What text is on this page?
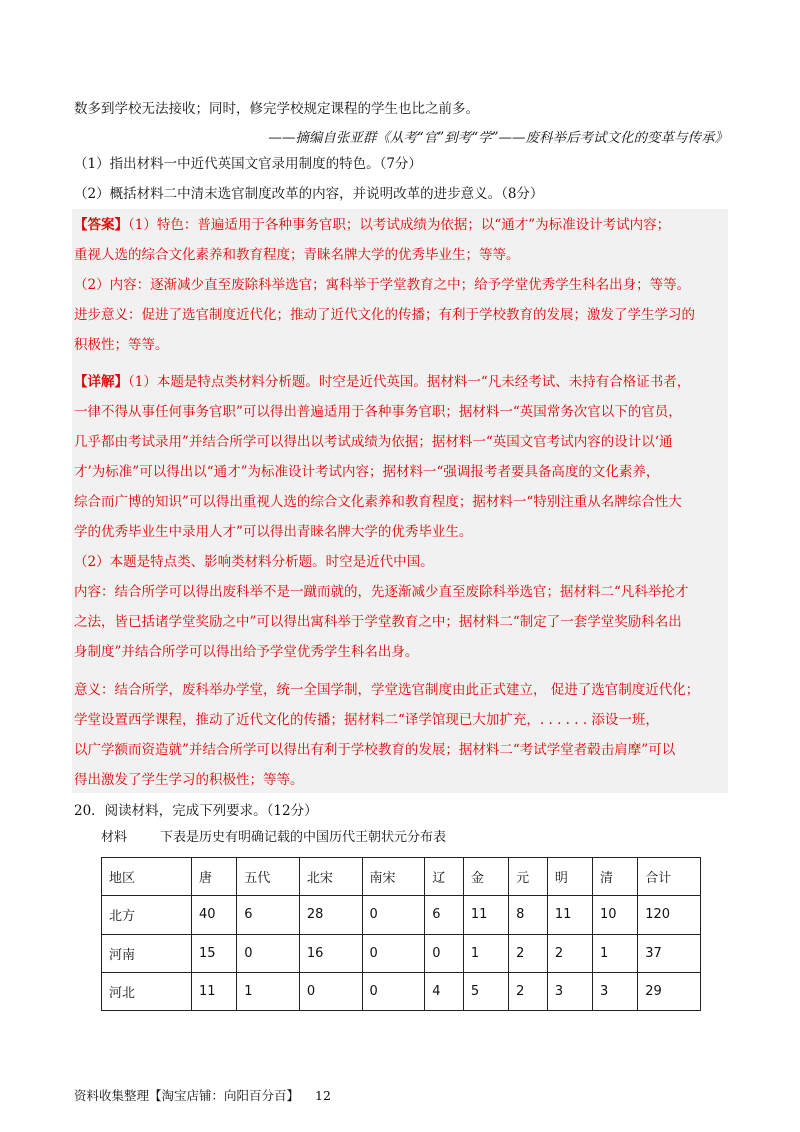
数多到学校无法接收；同时，修完学校规定课程的学生也比之前多。
——摘编自张亚群《从考“官”到考“学”——废科举后考试文化的变革与传承》
（1）指出材料一中近代英国文官录用制度的特色。（7分）
（2）概括材料二中清末选官制度改革的内容，并说明改革的进步意义。（8分）
【答案】（1）特色：普遍适用于各种事务官职；以考试成绩为依据；以“通才”为标准设计考试内容；
重视人选的综合文化素养和教育程度；青睐名牌大学的优秀毕业生；等等。
（2）内容：逐渐减少直至废除科举选官；寓科举于学堂教育之中；给予学堂优秀学生科名出身；等等。
进步意义：促进了选官制度近代化；推动了近代文化的传播；有利于学校教育的发展；激发了学生学习的
积极性；等等。
【详解】（1）本题是特点类材料分析题。时空是近代英国。据材料一“凡未经考试、未持有合格证书者，
一律不得从事任何事务官职”可以得出普遍适用于各种事务官职；据材料一“英国常务次官以下的官员，
几乎都由考试录用”并结合所学可以得出以考试成绩为依据；据材料一“英国文官考试内容的设计以‘通
才’为标准”可以得出以“通才”为标准设计考试内容；据材料一“强调报考者要具备高度的文化素养，
综合而广博的知识”可以得出重视人选的综合文化素养和教育程度；据材料一“特别注重从名牌综合性大
学的优秀毕业生中录用人才”可以得出青睐名牌大学的优秀毕业生。
（2）本题是特点类、影响类材料分析题。时空是近代中国。
内容：结合所学可以得出废科举不是一蹴而就的，先逐渐减少直至废除科举选官；据材料二“凡科举抡才
之法，皆已括诸学堂奖励之中”可以得出寓科举于学堂教育之中；据材料二“制定了一套学堂奖励科名出
身制度”并结合所学可以得出给予学堂优秀学生科名出身。
意义：结合所学，废科举办学堂，统一全国学制，学堂选官制度由此正式建立， 促进了选官制度近代化；
学堂设置西学课程，推动了近代文化的传播；据材料二“译学馆现已大加扩充，. . . . . . 添设一班，
以广学额而资造就”并结合所学可以得出有利于学校教育的发展；据材料二“考试学堂者毂击肩摩”可以
得出激发了学生学习的积极性；等等。
20．阅读材料，完成下列要求。（12分）
材料	下表是历史有明确记载的中国历代王朝状元分布表
地区	唐	五代	北宋	南宋	辽	金	元	明	清	合计
北方	40	6	28	0	6	11	8	11	10	120
河南	15	0	16	0	0	1	2	2	1	37
河北	11	1	0	0	4	5	2	3	3	29
资料收集整理【淘宝店铺：向阳百分百】 12
